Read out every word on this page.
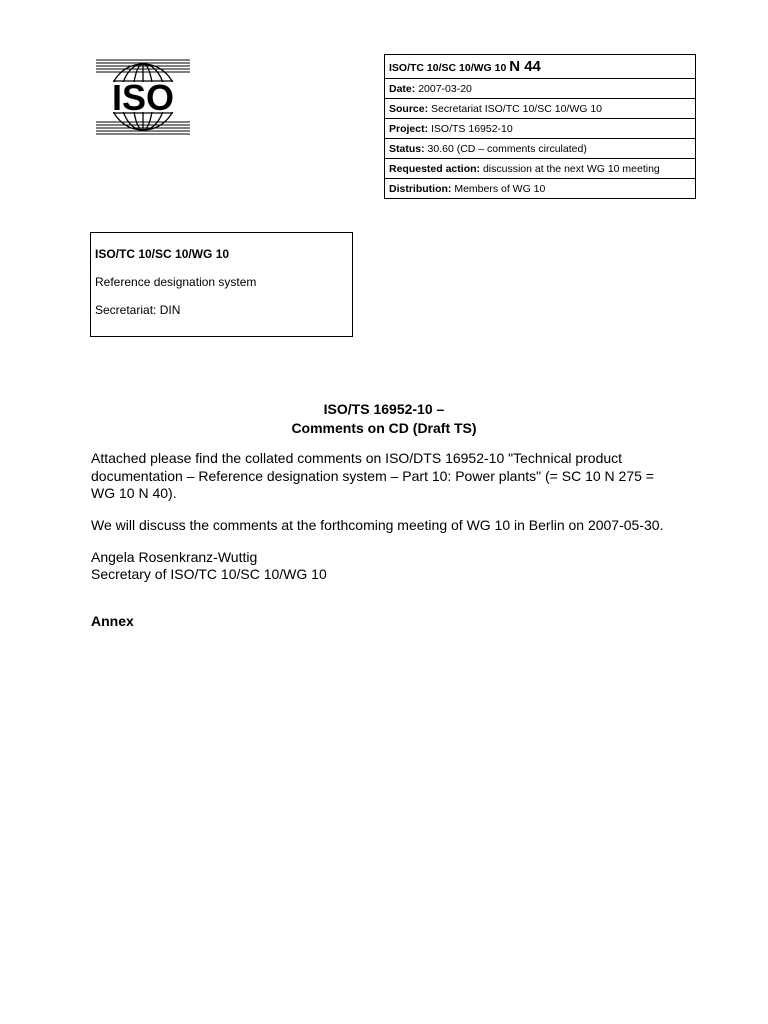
ISO
ISO/TC 10/SC 10/WG 10 N 44
Date: 2007-03-20
Source: Secretariat ISO/TC 10/SC 10/WG 10
Project: ISO/TS 16952-10
Status: 30.60 (CD – comments circulated)
Requested action: discussion at the next WG 10 meeting
Distribution: Members of WG 10
ISO/TC 10/SC 10/WG 10
Reference designation system
Secretariat: DIN
ISO/TS 16952-10 –
Comments on CD (Draft TS)
Attached please find the collated comments on ISO/DTS 16952-10 "Technical product documentation – Reference designation system – Part 10: Power plants" (= SC 10 N 275 = WG 10 N 40).
We will discuss the comments at the forthcoming meeting of WG 10 in Berlin on 2007-05-30.
Angela Rosenkranz-Wuttig
Secretary of ISO/TC 10/SC 10/WG 10
Annex
